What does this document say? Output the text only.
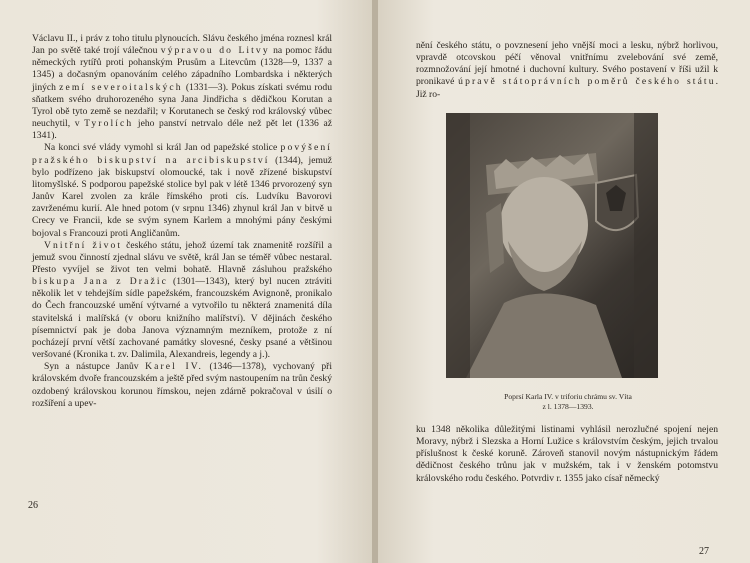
Václavu II., i práv z toho titulu plynoucích. Slávu českého jména roznesl král Jan po světě také trojí válečnou výpravou do Litvy na pomoc řádu německých rytířů proti pohanským Prusům a Litevcům (1328—9, 1337 a 1345) a dočasným opanováním celého západního Lombardska i některých jiných zemí severoitalských (1331—3). Pokus získati svému rodu sňatkem svého druhorozeného syna Jana Jindřicha s dědičkou Korutan a Tyrol obě tyto země se nezdařil; v Korutanech se český rod královský vůbec neuchytil, v Tyrolích jeho panství netrvalo déle než pět let (1336 až 1341).

Na konci své vlády vymohl si král Jan od papežské stolice povýšení pražského biskupství na arcibiskupství (1344), jemuž bylo podřízeno jak biskupství olomoucké, tak i nově zřízené biskupství litomyšlské. S podporou papežské stolice byl pak v létě 1346 prvorozený syn Janův Karel zvolen za krále římského proti cís. Ludvíku Bavorovi zavrženému kurií. Ale hned potom (v srpnu 1346) zhynul král Jan v bitvě u Crecy ve Francii, kde se svým synem Karlem a mnohými pány českými bojoval s Francouzi proti Angličanům.

Vnitřní život českého státu, jehož území tak znamenitě rozšířil a jemuž svou činností zjednal slávu ve světě, král Jan se téměř vůbec nestaral. Přesto vyvíjel se život ten velmi bohatě. Hlavně zásluhou pražského biskupa Jana z Dražic (1301—1343), který byl nucen ztráviti několik let v tehdejším sídle papežském, francouzském Avignoně, pronikalo do Čech francouzské umění výtvarné a vytvořilo tu některá znamenitá díla stavitelská i malířská (v oboru knižního malířství). V dějinách českého písemnictví pak je doba Janova významným mezníkem, protože z ní pocházejí první větší zachované památky slovesné, česky psané a většinou veršované (Kronika t. zv. Dalimila, Alexandreis, legendy a j.).

Syn a nástupce Janův Karel IV. (1346—1378), vychovaný při královském dvoře francouzském a ještě před svým nastoupením na trůn český ozdobený královskou korunou římskou, nejen zdárně pokračoval v úsilí o rozšíření a upev-

26

nění českého státu, o povznesení jeho vnější moci a lesku, nýbrž horlivou, vpravdě otcovskou péčí věnoval vnitřnímu zvelebování své země, rozmnožování její hmotné i duchovní kultury. Svého postavení v říši užil k pronikavé úpravě státoprávních poměrů českého státu. Již ro-

Poprsí Karla IV. v triforiu chrámu sv. Víta
z l. 1378—1393.

ku 1348 několika důležitými listinami vyhlásil nerozlučné spojení nejen Moravy, nýbrž i Slezska a Horní Lužice s královstvím českým, jejich trvalou příslušnost k české koruně. Zároveň stanovil novým nástupnickým řádem dědičnost českého trůnu jak v mužském, tak i v ženském potomstvu královského rodu českého. Potvrdiv r. 1355 jako císař německý

27
